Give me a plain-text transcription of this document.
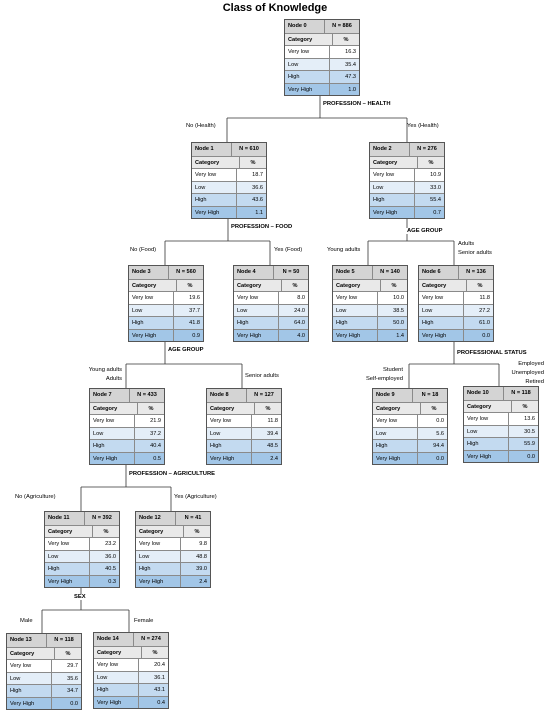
Class of Knowledge
PROFESSION – HEALTH
PROFESSION – FOOD
AGE GROUP
AGE GROUP	PROFESSIONAL STATUS
PROFESSION – AGRICULTURE
SEX
No (Health)	Yes (Health)
No (Food)	Yes (Food)	Young adults
Adults
Senior adults
Young adults
Adults	Senior adults
Student
Self-employed
Employed
Unemployed
Retired
No (Agriculture)	Yes (Agriculture)
Male	Female
Node 0	N = 886
Category	%
Very low	16.3
Low	35.4
High	47.3
Very High	1.0
Node 1	N = 610
Category	%
Very low	18.7
Low	36.6
High	43.6
Very High	1.1
Node 2	N = 276
Category	%
Very low	10.9
Low	33.0
High	55.4
Very High	0.7
Node 3	N = 560
Category	%
Very low	19.6
Low	37.7
High	41.8
Very High	0.9
Node 4	N = 50
Category	%
Very low	8.0
Low	24.0
High	64.0
Very High	4.0
Node 5	N = 140
Category	%
Very low	10.0
Low	38.5
High	50.0
Very High	1.4
Node 6	N = 136
Category	%
Very low	11.8
Low	27.2
High	61.0
Very High	0.0
Node 7	N = 433
Category	%
Very low	21.9
Low	37.2
High	40.4
Very High	0.5
Node 8	N = 127
Category	%
Very low	11.8
Low	39.4
High	48.5
Very High	2.4
Node 9	N = 18
Category	%
Very low	0.0
Low	5.6
High	94.4
Very High	0.0
Node 10	N = 118
Category	%
Very low	13.6
Low	30.5
High	55.9
Very High	0.0
Node 11	N = 392
Category	%
Very low	23.2
Low	36.0
High	40.5
Very High	0.3
Node 12	N = 41
Category	%
Very low	9.8
Low	48.8
High	39.0
Very High	2.4
Node 13	N = 118
Category	%
Very low	29.7
Low	35.6
High	34.7
Very High	0.0
Node 14	N = 274
Category	%
Very low	20.4
Low	36.1
High	43.1
Very High	0.4
